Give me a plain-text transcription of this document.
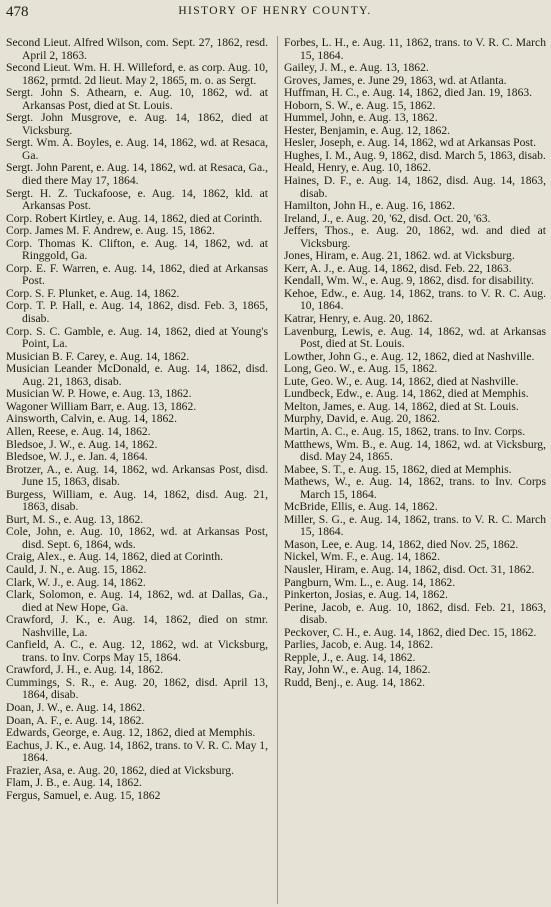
478	HISTORY OF HENRY COUNTY.
Second Lieut. Alfred Wilson, com. Sept. 27, 1862, resd. April 2, 1863.
Second Lieut. Wm. H. H. Willeford, e. as corp. Aug. 10, 1862, prmtd. 2d lieut. May 2, 1865, m. o. as Sergt.
Sergt. John S. Athearn, e. Aug. 10, 1862, wd. at Arkansas Post, died at St. Louis.
Sergt. John Musgrove, e. Aug. 14, 1862, died at Vicksburg.
Sergt. Wm. A. Boyles, e. Aug. 14, 1862, wd. at Resaca, Ga.
Sergt. John Parent, e. Aug. 14, 1862, wd. at Resaca, Ga., died there May 17, 1864.
Sergt. H. Z. Tuckafoose, e. Aug. 14, 1862, kld. at Arkansas Post.
Corp. Robert Kirtley, e. Aug. 14, 1862, died at Corinth.
Corp. James M. F. Andrew, e. Aug. 15, 1862.
Corp. Thomas K. Clifton, e. Aug. 14, 1862, wd. at Ringgold, Ga.
Corp. E. F. Warren, e. Aug. 14, 1862, died at Arkansas Post.
Corp. S. F. Plunket, e. Aug. 14, 1862.
Corp. T. P. Hall, e. Aug. 14, 1862, disd. Feb. 3, 1865, disab.
Corp. S. C. Gamble, e. Aug. 14, 1862, died at Young's Point, La.
Musician B. F. Carey, e. Aug. 14, 1862.
Musician Leander McDonald, e. Aug. 14, 1862, disd. Aug. 21, 1863, disab.
Musician W. P. Howe, e. Aug. 13, 1862.
Wagoner William Barr, e. Aug. 13, 1862.
Ainsworth, Calvin, e. Aug. 14, 1862.
Allen, Reese, e. Aug. 14, 1862.
Bledsoe, J. W., e. Aug. 14, 1862.
Bledsoe, W. J., e. Jan. 4, 1864.
Brotzer, A., e. Aug. 14, 1862, wd. Arkansas Post, disd. June 15, 1863, disab.
Burgess, William, e. Aug. 14, 1862, disd. Aug. 21, 1863, disab.
Burt, M. S., e. Aug. 13, 1862.
Cole, John, e. Aug. 10, 1862, wd. at Arkansas Post, disd. Sept. 6, 1864, wds.
Craig, Alex., e. Aug. 14, 1862, died at Corinth.
Cauld, J. N., e. Aug. 15, 1862.
Clark, W. J., e. Aug. 14, 1862.
Clark, Solomon, e. Aug. 14, 1862, wd. at Dallas, Ga., died at New Hope, Ga.
Crawford, J. K., e. Aug. 14, 1862, died on stmr. Nashville, La.
Canfield, A. C., e. Aug. 12, 1862, wd. at Vicksburg, trans. to Inv. Corps May 15, 1864.
Crawford, J. H., e. Aug. 14, 1862.
Cummings, S. R., e. Aug. 20, 1862, disd. April 13, 1864, disab.
Doan, J. W., e. Aug. 14, 1862.
Doan, A. F., e. Aug. 14, 1862.
Edwards, George, e. Aug. 12, 1862, died at Memphis.
Eachus, J. K., e. Aug. 14, 1862, trans. to V. R. C. May 1, 1864.
Frazier, Asa, e. Aug. 20, 1862, died at Vicksburg.
Flam, J. B., e. Aug. 14, 1862.
Fergus, Samuel, e. Aug. 15, 1862
Forbes, L. H., e. Aug. 11, 1862, trans. to V. R. C. March 15, 1864.
Gailey, J. M., e. Aug. 13, 1862.
Groves, James, e. June 29, 1863, wd. at Atlanta.
Huffman, H. C., e. Aug. 14, 1862, died Jan. 19, 1863.
Hoborn, S. W., e. Aug. 15, 1862.
Hummel, John, e. Aug. 13, 1862.
Hester, Benjamin, e. Aug. 12, 1862.
Hesler, Joseph, e. Aug. 14, 1862, wd at Arkansas Post.
Hughes, I. M., Aug. 9, 1862, disd. March 5, 1863, disab.
Heald, Henry, e. Aug. 10, 1862.
Haines, D. F., e. Aug. 14, 1862, disd. Aug. 14, 1863, disab.
Hamilton, John H., e. Aug. 16, 1862.
Ireland, J., e. Aug. 20, '62, disd. Oct. 20, '63.
Jeffers, Thos., e. Aug. 20, 1862, wd. and died at Vicksburg.
Jones, Hiram, e. Aug. 21, 1862. wd. at Vicksburg.
Kerr, A. J., e. Aug. 14, 1862, disd. Feb. 22, 1863.
Kendall, Wm. W., e. Aug. 9, 1862, disd. for disability.
Kehoe, Edw., e. Aug. 14, 1862, trans. to V. R. C. Aug. 10, 1864.
Katrar, Henry, e. Aug. 20, 1862.
Lavenburg, Lewis, e. Aug. 14, 1862, wd. at Arkansas Post, died at St. Louis.
Lowther, John G., e. Aug. 12, 1862, died at Nashville.
Long, Geo. W., e. Aug. 15, 1862.
Lute, Geo. W., e. Aug. 14, 1862, died at Nashville.
Lundbeck, Edw., e. Aug. 14, 1862, died at Memphis.
Melton, James, e. Aug. 14, 1862, died at St. Louis.
Murphy, David, e. Aug. 20, 1862.
Martin, A. C., e. Aug. 15, 1862, trans. to Inv. Corps.
Matthews, Wm. B., e. Aug. 14, 1862, wd. at Vicksburg, disd. May 24, 1865.
Mabee, S. T., e. Aug. 15, 1862, died at Memphis.
Mathews, W., e. Aug. 14, 1862, trans. to Inv. Corps March 15, 1864.
McBride, Ellis, e. Aug. 14, 1862.
Miller, S. G., e. Aug. 14, 1862, trans. to V. R. C. March 15, 1864.
Mason, Lee, e. Aug. 14, 1862, died Nov. 25, 1862.
Nickel, Wm. F., e. Aug. 14, 1862.
Nausler, Hiram, e. Aug. 14, 1862, disd. Oct. 31, 1862.
Pangburn, Wm. L., e. Aug. 14, 1862.
Pinkerton, Josias, e. Aug. 14, 1862.
Perine, Jacob, e. Aug. 10, 1862, disd. Feb. 21, 1863, disab.
Peckover, C. H., e. Aug. 14, 1862, died Dec. 15, 1862.
Parlies, Jacob, e. Aug. 14, 1862.
Repple, J., e. Aug. 14, 1862.
Ray, John W., e. Aug. 14, 1862.
Rudd, Benj., e. Aug. 14, 1862.
